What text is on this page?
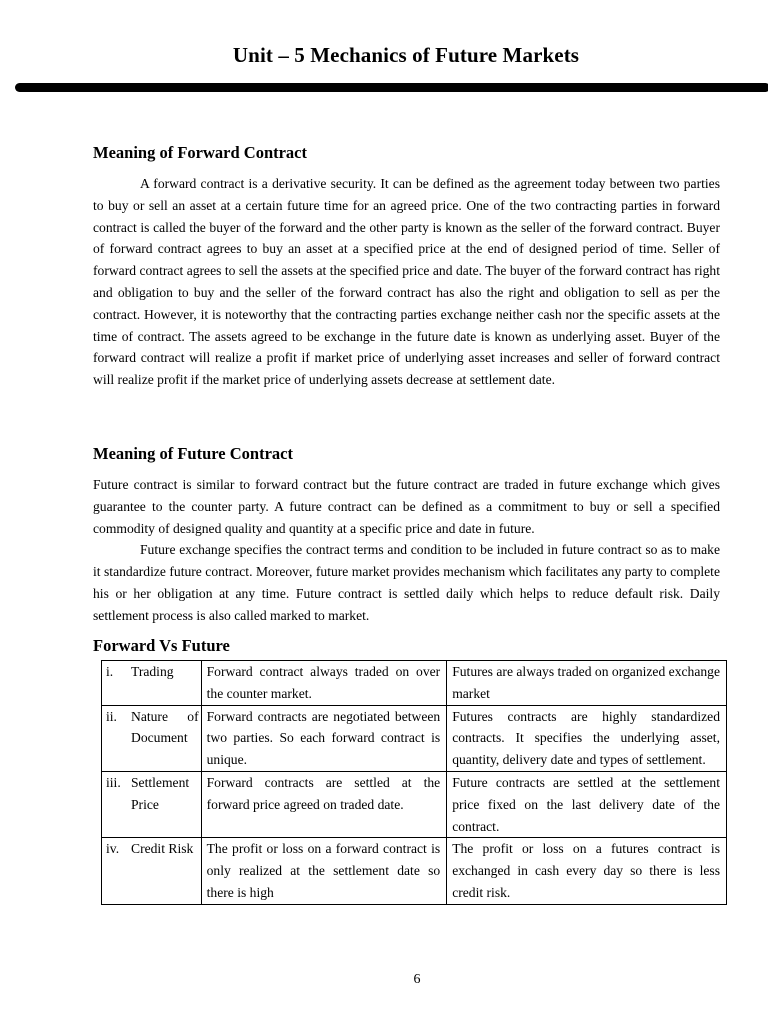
Unit – 5 Mechanics of Future Markets
Meaning of Forward Contract

A forward contract is a derivative security. It can be defined as the agreement today between two parties to buy or sell an asset at a certain future time for an agreed price. One of the two contracting parties in forward contract is called the buyer of the forward and the other party is known as the seller of the forward contract. Buyer of forward contract agrees to buy an asset at a specified price at the end of designed period of time. Seller of forward contract agrees to sell the assets at the specified price and date. The buyer of the forward contract has right and obligation to buy and the seller of the forward contract has also the right and obligation to sell as per the contract. However, it is noteworthy that the contracting parties exchange neither cash nor the specific assets at the time of contract. The assets agreed to be exchange in the future date is known as underlying asset. Buyer of the forward contract will realize a profit if market price of underlying asset increases and seller of forward contract will realize profit if the market price of underlying assets decrease at settlement date.

Meaning of Future Contract

Future contract is similar to forward contract but the future contract are traded in future exchange which gives guarantee to the counter party. A future contract can be defined as a commitment to buy or sell a specified commodity of designed quality and quantity at a specific price and date in future.

Future exchange specifies the contract terms and condition to be included in future contract so as to make it standardize future contract. Moreover, future market provides mechanism which facilitates any party to complete his or her obligation at any time. Future contract is settled daily which helps to reduce default risk. Daily settlement process is also called marked to market.

Forward Vs Future
i. Trading	Forward contract always traded on over the counter market.	Futures are always traded on organized exchange market

ii. Nature of Document	Forward contracts are negotiated between two parties. So each forward contract is unique.	Futures contracts are highly standardized contracts. It specifies the underlying asset, quantity, delivery date and types of settlement.

iii. Settlement Price	Forward contracts are settled at the forward price agreed on traded date.	Future contracts are settled at the settlement price fixed on the last delivery date of the contract.

iv. Credit Risk	The profit or loss on a forward contract is only realized at the settlement date so there is high	The profit or loss on a futures contract is exchanged in cash every day so there is less credit risk.
6
